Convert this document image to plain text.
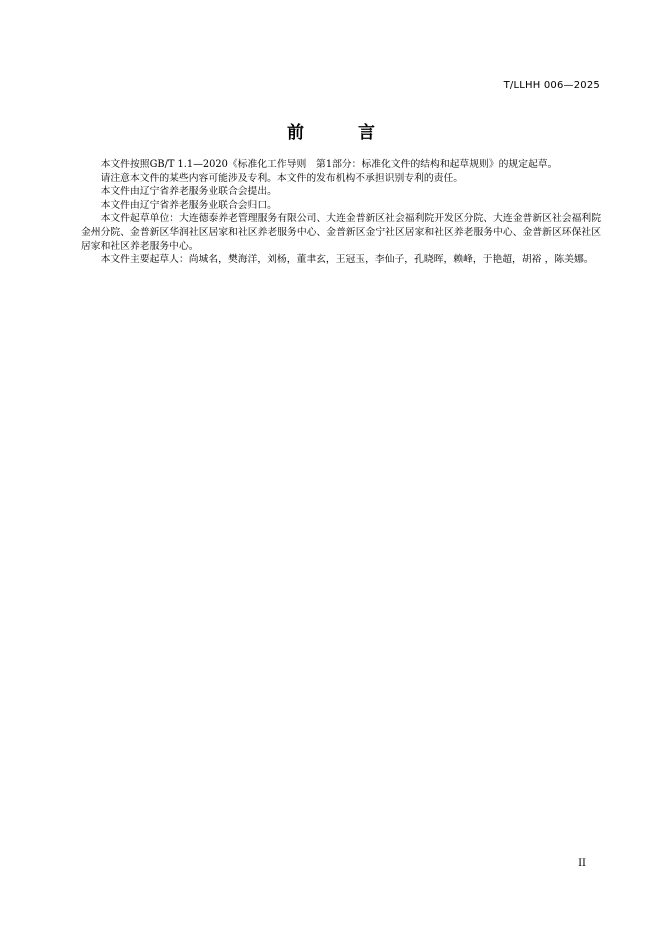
T/LLHH 006—2025
前 言

本文件按照GB/T 1.1—2020《标准化工作导则　第1部分：标准化文件的结构和起草规则》的规定起草。

请注意本文件的某些内容可能涉及专利。本文件的发布机构不承担识别专利的责任。

本文件由辽宁省养老服务业联合会提出。

本文件由辽宁省养老服务业联合会归口。

本文件起草单位：大连德泰养老管理服务有限公司、大连金普新区社会福利院开发区分院、大连金普新区社会福利院金州分院、金普新区华润社区居家和社区养老服务中心、金普新区金宁社区居家和社区养老服务中心、金普新区环保社区居家和社区养老服务中心。

本文件主要起草人：尚城名，樊海洋，刘杨，董聿玄，王冠玉，李仙子，孔晓晖，赖峰，于艳超，胡裕 ，陈美娜。

II
